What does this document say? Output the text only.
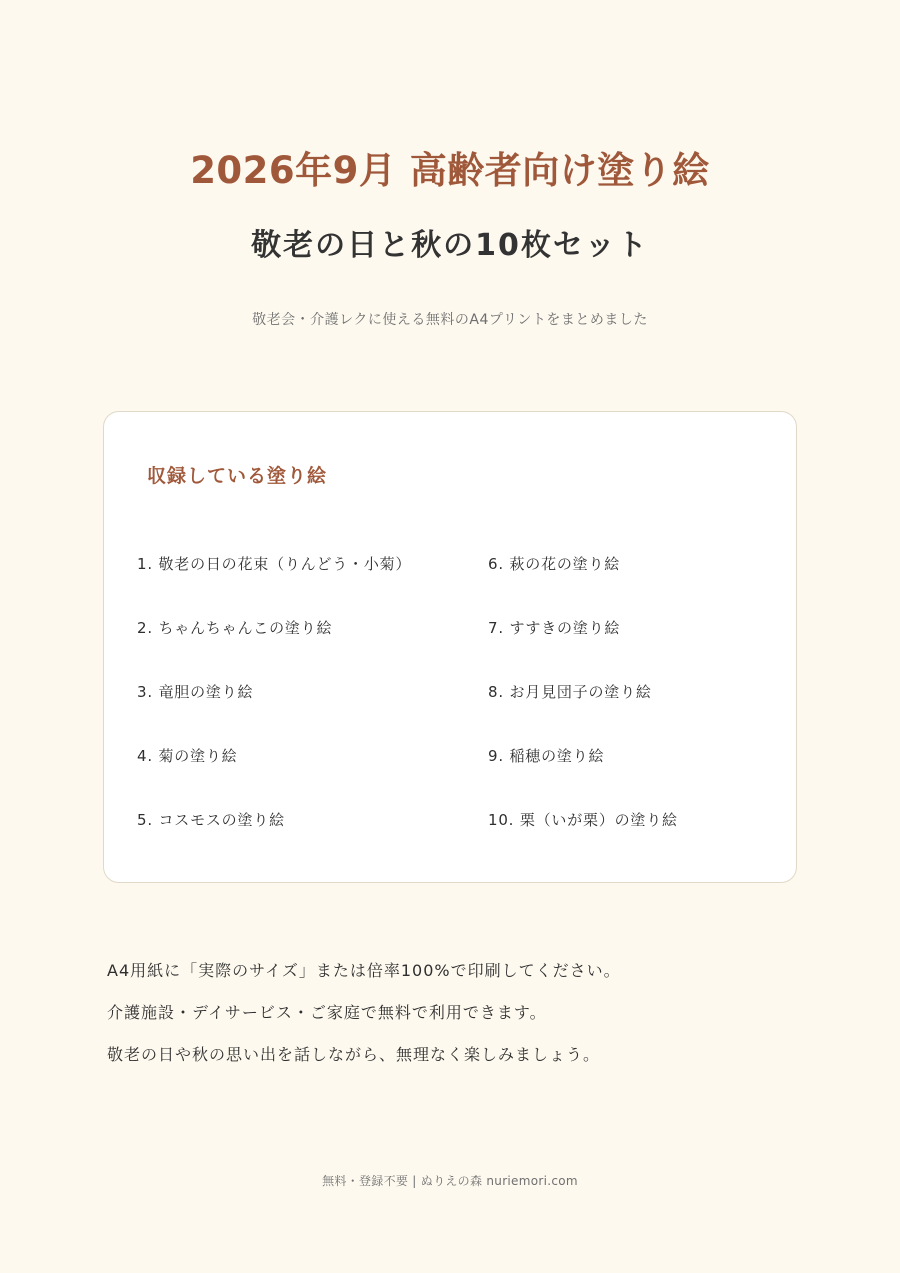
2026年9月 高齢者向け塗り絵
敬老の日と秋の10枚セット

敬老会・介護レクに使える無料のA4プリントをまとめました

収録している塗り絵
1. 敬老の日の花束（りんどう・小菊）
2. ちゃんちゃんこの塗り絵
3. 竜胆の塗り絵
4. 菊の塗り絵
5. コスモスの塗り絵
6. 萩の花の塗り絵
7. すすきの塗り絵
8. お月見団子の塗り絵
9. 稲穂の塗り絵
10. 栗（いが栗）の塗り絵

A4用紙に「実際のサイズ」または倍率100%で印刷してください。

介護施設・デイサービス・ご家庭で無料で利用できます。

敬老の日や秋の思い出を話しながら、無理なく楽しみましょう。

無料・登録不要 | ぬりえの森 nuriemori.com
